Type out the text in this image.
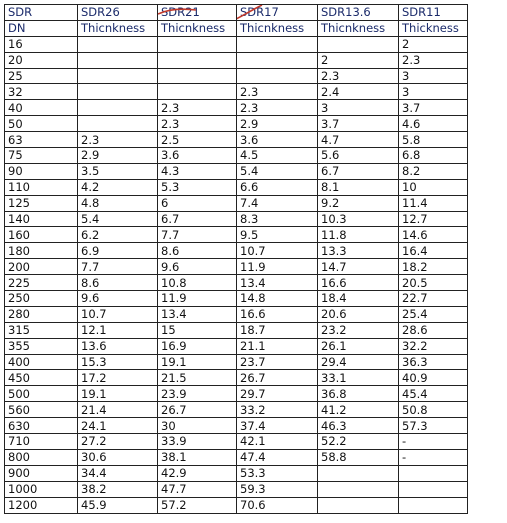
SDR	SDR26	SDR21	SDR17	SDR13.6	SDR11
DN	Thicnkness	Thicnkness	Thicnkness	Thicnkness	Thickness
16					2
20				2	2.3
25				2.3	3
32			2.3	2.4	3
40		2.3	2.3	3	3.7
50		2.3	2.9	3.7	4.6
63	2.3	2.5	3.6	4.7	5.8
75	2.9	3.6	4.5	5.6	6.8
90	3.5	4.3	5.4	6.7	8.2
110	4.2	5.3	6.6	8.1	10
125	4.8	6	7.4	9.2	11.4
140	5.4	6.7	8.3	10.3	12.7
160	6.2	7.7	9.5	11.8	14.6
180	6.9	8.6	10.7	13.3	16.4
200	7.7	9.6	11.9	14.7	18.2
225	8.6	10.8	13.4	16.6	20.5
250	9.6	11.9	14.8	18.4	22.7
280	10.7	13.4	16.6	20.6	25.4
315	12.1	15	18.7	23.2	28.6
355	13.6	16.9	21.1	26.1	32.2
400	15.3	19.1	23.7	29.4	36.3
450	17.2	21.5	26.7	33.1	40.9
500	19.1	23.9	29.7	36.8	45.4
560	21.4	26.7	33.2	41.2	50.8
630	24.1	30	37.4	46.3	57.3
710	27.2	33.9	42.1	52.2	-
800	30.6	38.1	47.4	58.8	-
900	34.4	42.9	53.3		
1000	38.2	47.7	59.3		
1200	45.9	57.2	70.6		
